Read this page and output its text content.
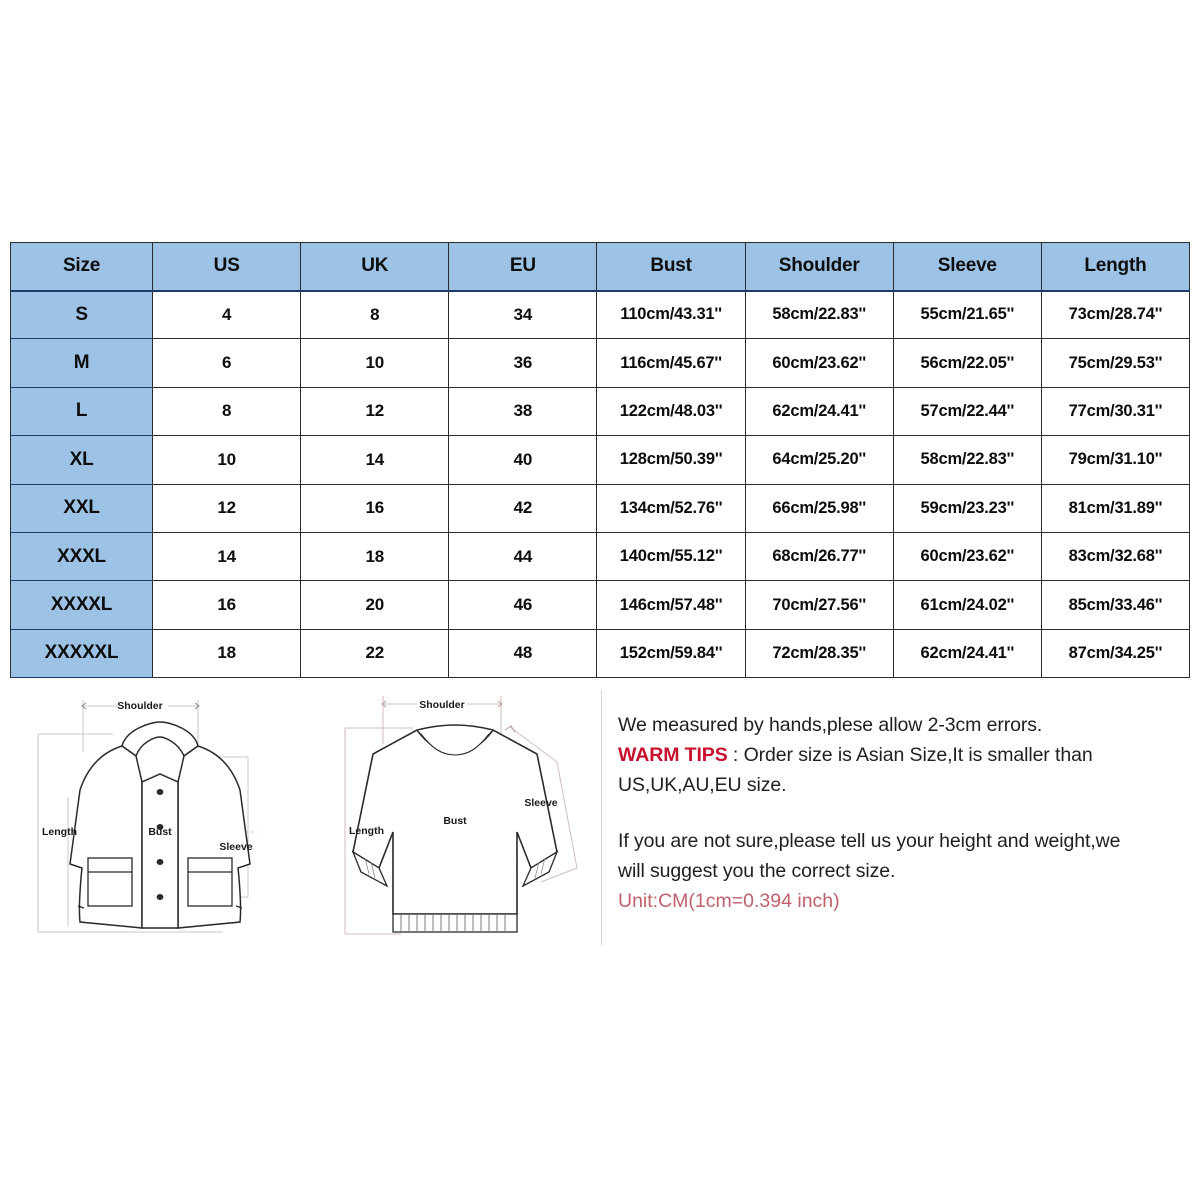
Size	US	UK	EU	Bust	Shoulder	Sleeve	Length
S	4	8	34	110cm/43.31''	58cm/22.83''	55cm/21.65''	73cm/28.74''
M	6	10	36	116cm/45.67''	60cm/23.62''	56cm/22.05''	75cm/29.53''
L	8	12	38	122cm/48.03''	62cm/24.41''	57cm/22.44''	77cm/30.31''
XL	10	14	40	128cm/50.39''	64cm/25.20''	58cm/22.83''	79cm/31.10''
XXL	12	16	42	134cm/52.76''	66cm/25.98''	59cm/23.23''	81cm/31.89''
XXXL	14	18	44	140cm/55.12''	68cm/26.77''	60cm/23.62''	83cm/32.68''
XXXXL	16	20	46	146cm/57.48''	70cm/27.56''	61cm/24.02''	85cm/33.46''
XXXXXL	18	22	48	152cm/59.84''	72cm/28.35''	62cm/24.41''	87cm/34.25''
Shoulder
Length	Bust
Sleeve
Shoulder
Length
Bust
Sleeve
We measured by hands,plese allow 2-3cm errors.
WARM TIPS : Order size is Asian Size,It is smaller than
US,UK,AU,EU size.
If you are not sure,please tell us your height and weight,we
will suggest you the correct size.
Unit:CM(1cm=0.394 inch)
